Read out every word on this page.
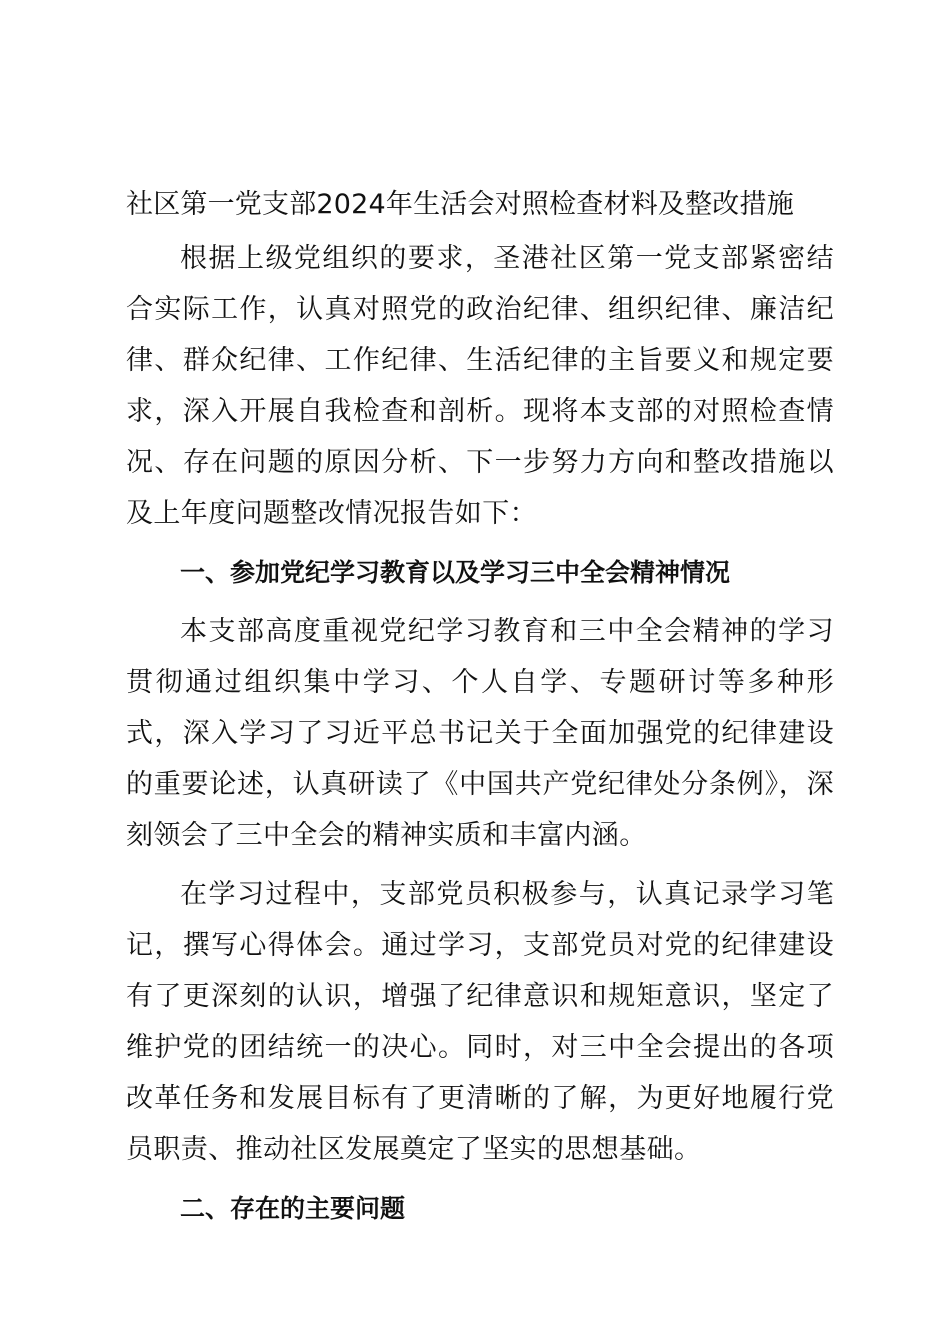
社区第一党支部2024年生活会对照检查材料及整改措施

根据上级党组织的要求，圣港社区第一党支部紧密结合实际工作，认真对照党的政治纪律、组织纪律、廉洁纪律、群众纪律、工作纪律、生活纪律的主旨要义和规定要求，深入开展自我检查和剖析。现将本支部的对照检查情况、存在问题的原因分析、下一步努力方向和整改措施以及上年度问题整改情况报告如下：

一、参加党纪学习教育以及学习三中全会精神情况

本支部高度重视党纪学习教育和三中全会精神的学习贯彻通过组织集中学习、个人自学、专题研讨等多种形式，深入学习了习近平总书记关于全面加强党的纪律建设的重要论述，认真研读了《中国共产党纪律处分条例》，深刻领会了三中全会的精神实质和丰富内涵。

在学习过程中，支部党员积极参与，认真记录学习笔记，撰写心得体会。通过学习，支部党员对党的纪律建设有了更深刻的认识，增强了纪律意识和规矩意识，坚定了维护党的团结统一的决心。同时，对三中全会提出的各项改革任务和发展目标有了更清晰的了解，为更好地履行党员职责、推动社区发展奠定了坚实的思想基础。

二、存在的主要问题
